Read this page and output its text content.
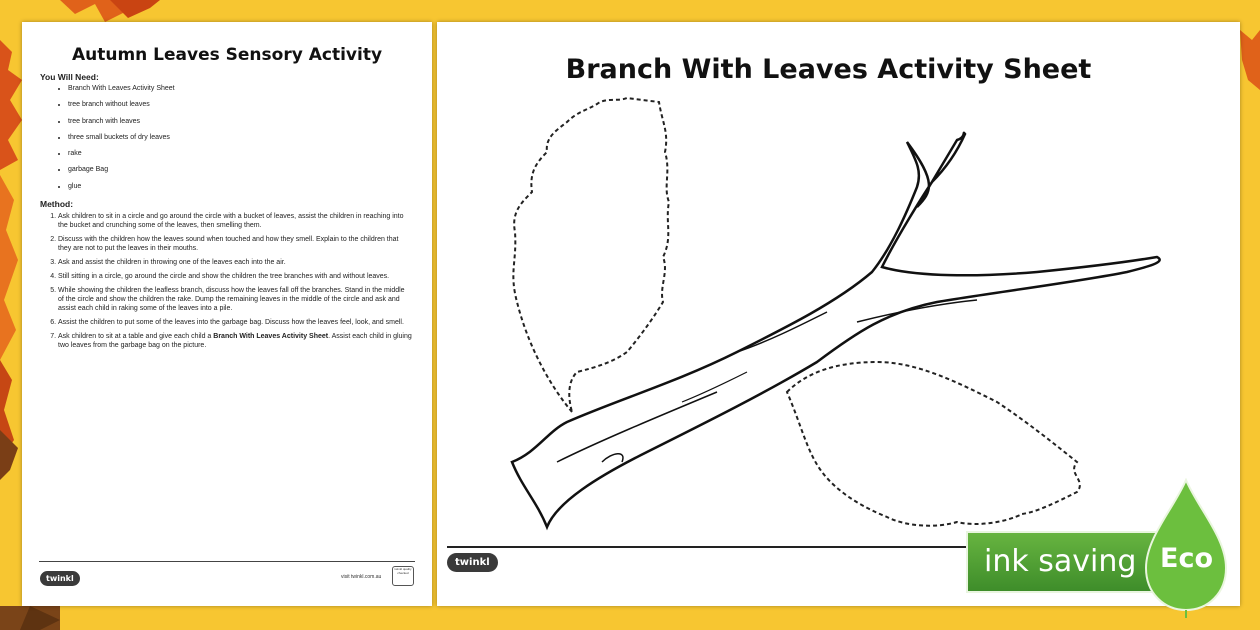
Autumn Leaves Sensory Activity
You Will Need:
• Branch With Leaves Activity Sheet
• tree branch without leaves
• tree branch with leaves
• three small buckets of dry leaves
• rake
• garbage Bag
• glue
Method:
1. Ask children to sit in a circle and go around the circle with a bucket of leaves, assist the children in reaching into the bucket and crunching some of the leaves, then smelling them.
2. Discuss with the children how the leaves sound when touched and how they smell. Explain to the children that they are not to put the leaves in their mouths.
3. Ask and assist the children in throwing one of the leaves each into the air.
4. Still sitting in a circle, go around the circle and show the children the tree branches with and without leaves.
5. While showing the children the leafless branch, discuss how the leaves fall off the branches. Stand in the middle of the circle and show the children the rake. Dump the remaining leaves in the middle of the circle and ask and assist each child in raking some of the leaves into a pile.
6. Assist the children to put some of the leaves into the garbage bag. Discuss how the leaves feel, look, and smell.
7. Ask children to sit at a table and give each child a Branch With Leaves Activity Sheet. Assist each child in gluing two leaves from the garbage bag on the picture.
twinkl	visit twinkl.com.au
twinkl quality checked
Branch With Leaves Activity Sheet
twinkl	ink saving Eco
